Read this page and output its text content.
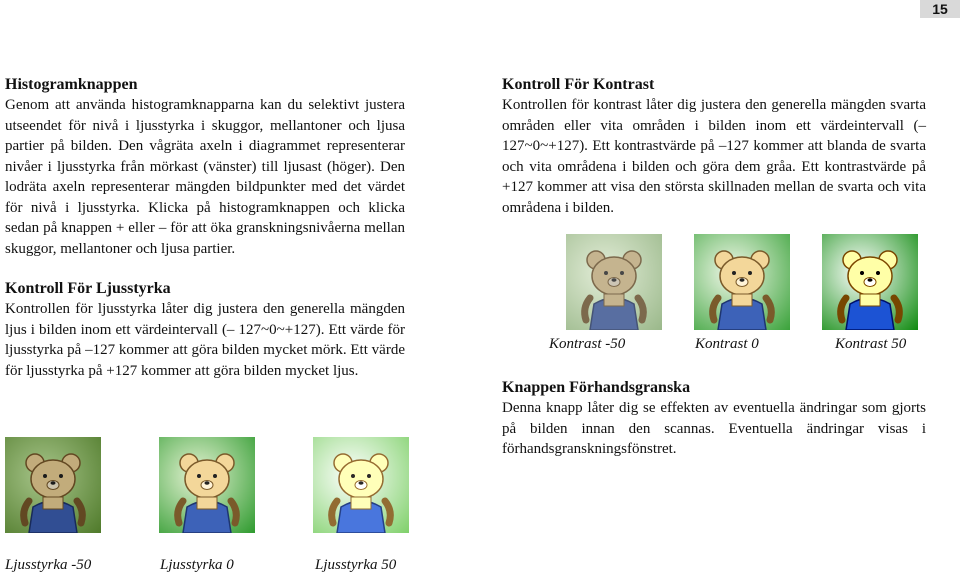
15
Histogramknappen

Genom att använda histogramknapparna kan du selektivt justera utseendet för nivå i ljusstyrka i skuggor, mellantoner och ljusa partier på bilden. Den vågräta axeln i diagrammet representerar nivåer i ljusstyrka från mörkast (vänster) till ljusast (höger). Den lodräta axeln representerar mängden bildpunkter med det värdet för nivå i ljusstyrka. Klicka på histogramknappen och klicka sedan på knappen + eller – för att öka granskningsnivåerna mellan skuggor, mellantoner och ljusa partier.

Kontroll För Ljusstyrka

Kontrollen för ljusstyrka låter dig justera den generella mängden ljus i bilden inom ett värdeintervall (– 127~0~+127). Ett värde för ljusstyrka på –127 kommer att göra bilden mycket mörk. Ett värde för ljusstyrka på +127 kommer att göra bilden mycket ljus.

Ljusstyrka -50	Ljusstyrka 0	Ljusstyrka 50
Kontroll För Kontrast

Kontrollen för kontrast låter dig justera den generella mängden svarta områden eller vita områden i bilden inom ett värdeintervall (–127~0~+127). Ett kontrastvärde på –127 kommer att blanda de svarta och vita områdena i bilden och göra dem gråa. Ett kontrastvärde på +127 kommer att visa den största skillnaden mellan de svarta och vita områdena i bilden.

Kontrast -50	Kontrast 0	Kontrast 50
Knappen Förhandsgranska

Denna knapp låter dig se effekten av eventuella ändringar som gjorts på bilden innan den scannas. Eventuella ändringar visas i förhandsgranskningsfönstret.
